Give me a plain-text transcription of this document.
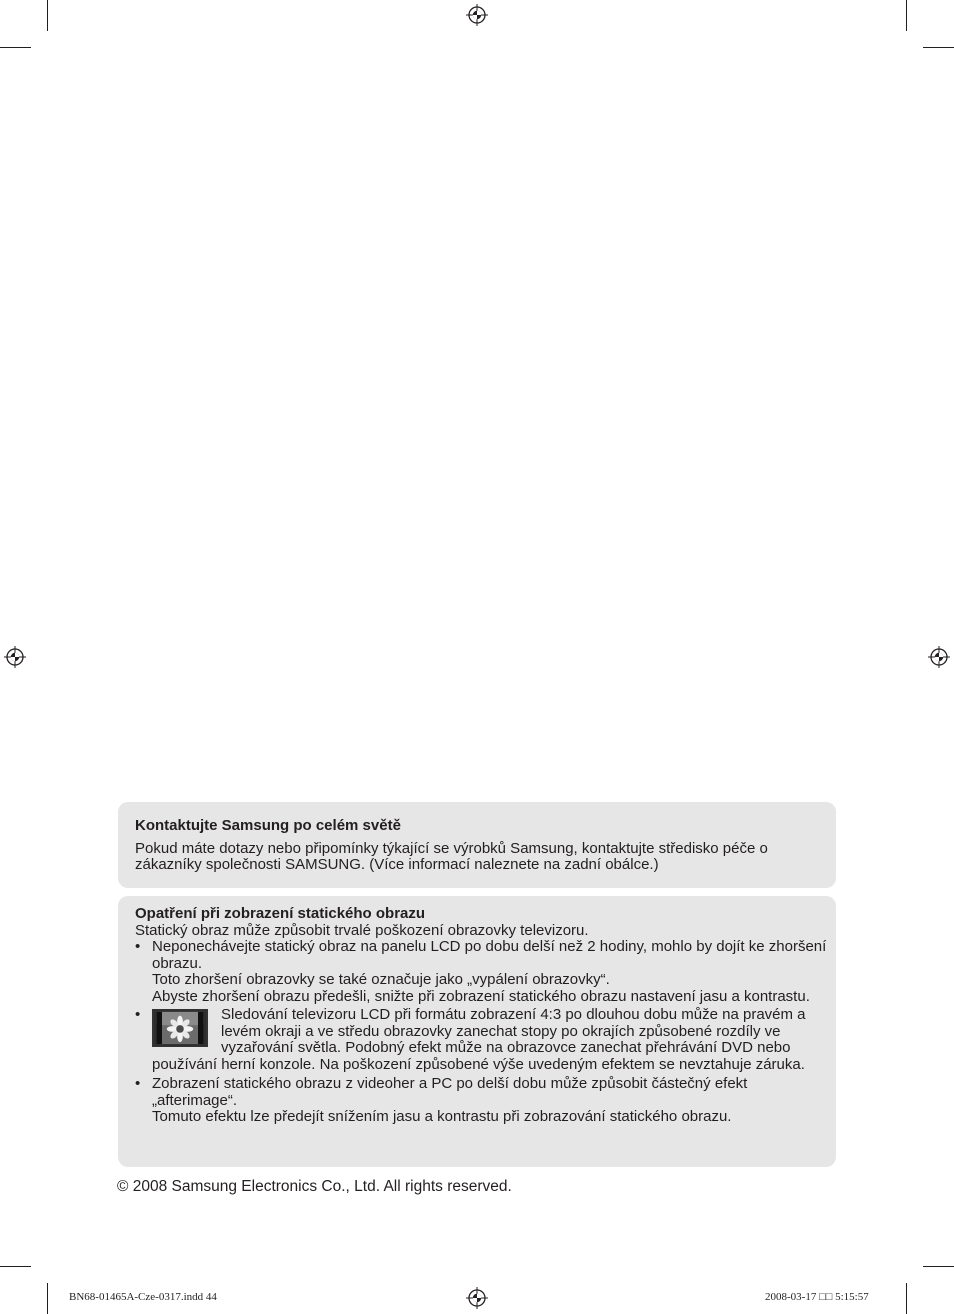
Kontaktujte Samsung po celém světě
Pokud máte dotazy nebo připomínky týkající se výrobků Samsung, kontaktujte středisko péče o zákazníky společnosti SAMSUNG. (Více informací naleznete na zadní obálce.)
Opatření při zobrazení statického obrazu
Statický obraz může způsobit trvalé poškození obrazovky televizoru.
• Neponechávejte statický obraz na panelu LCD po dobu delší než 2 hodiny, mohlo by dojít ke zhoršení obrazu.

Toto zhoršení obrazovky se také označuje jako „vypálení obrazovky“.

Abyste zhoršení obrazu předešli, snižte při zobrazení statického obrazu nastavení jasu a kontrastu.

•	Sledování televizoru LCD při formátu zobrazení 4:3 po dlouhou dobu může na pravém a levém okraji a ve středu obrazovky zanechat stopy po okrajích způsobené rozdíly ve vyzařování světla. Podobný efekt může na obrazovce zanechat přehrávání DVD nebo používání herní konzole. Na poškození způsobené výše uvedeným efektem se nevztahuje záruka.
• Zobrazení statického obrazu z videoher a PC po delší dobu může způsobit částečný efekt „afterimage“.

Tomuto efektu lze předejít snížením jasu a kontrastu při zobrazování statického obrazu.

© 2008 Samsung Electronics Co., Ltd. All rights reserved.
BN68-01465A-Cze-0317.indd 44	2008-03-17 □□ 5:15:57
